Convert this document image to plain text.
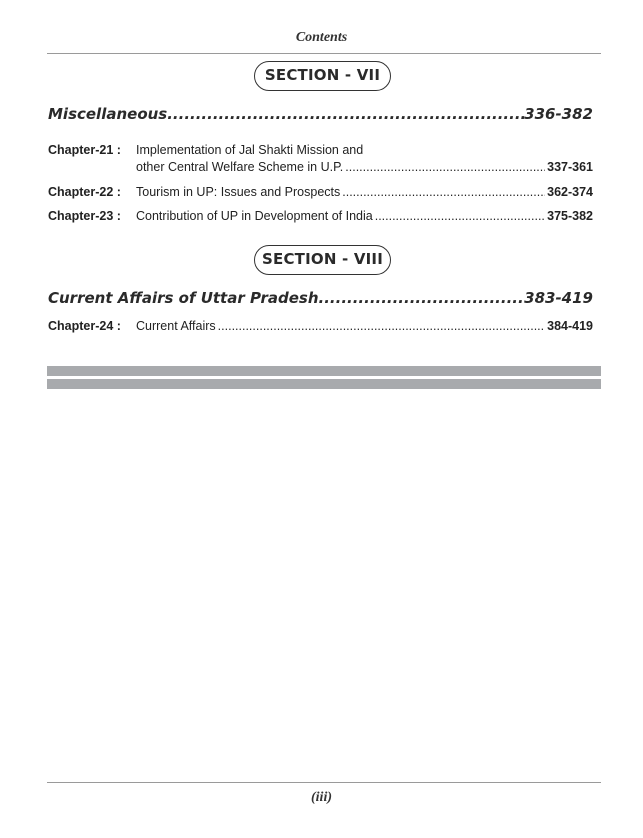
Contents
SECTION - VII
Miscellaneous .....	336-382
Chapter-21 :	Implementation of Jal Shakti Mission and
other Central Welfare Scheme in U.P. .....	337-361
Chapter-22 :	Tourism in UP: Issues and Prospects .....	362-374
Chapter-23 :	Contribution of UP in Development of India .....	375-382
SECTION - VIII
Current Affairs of Uttar Pradesh .....	383-419
Chapter-24 :	Current Affairs .....	384-419
(iii)
